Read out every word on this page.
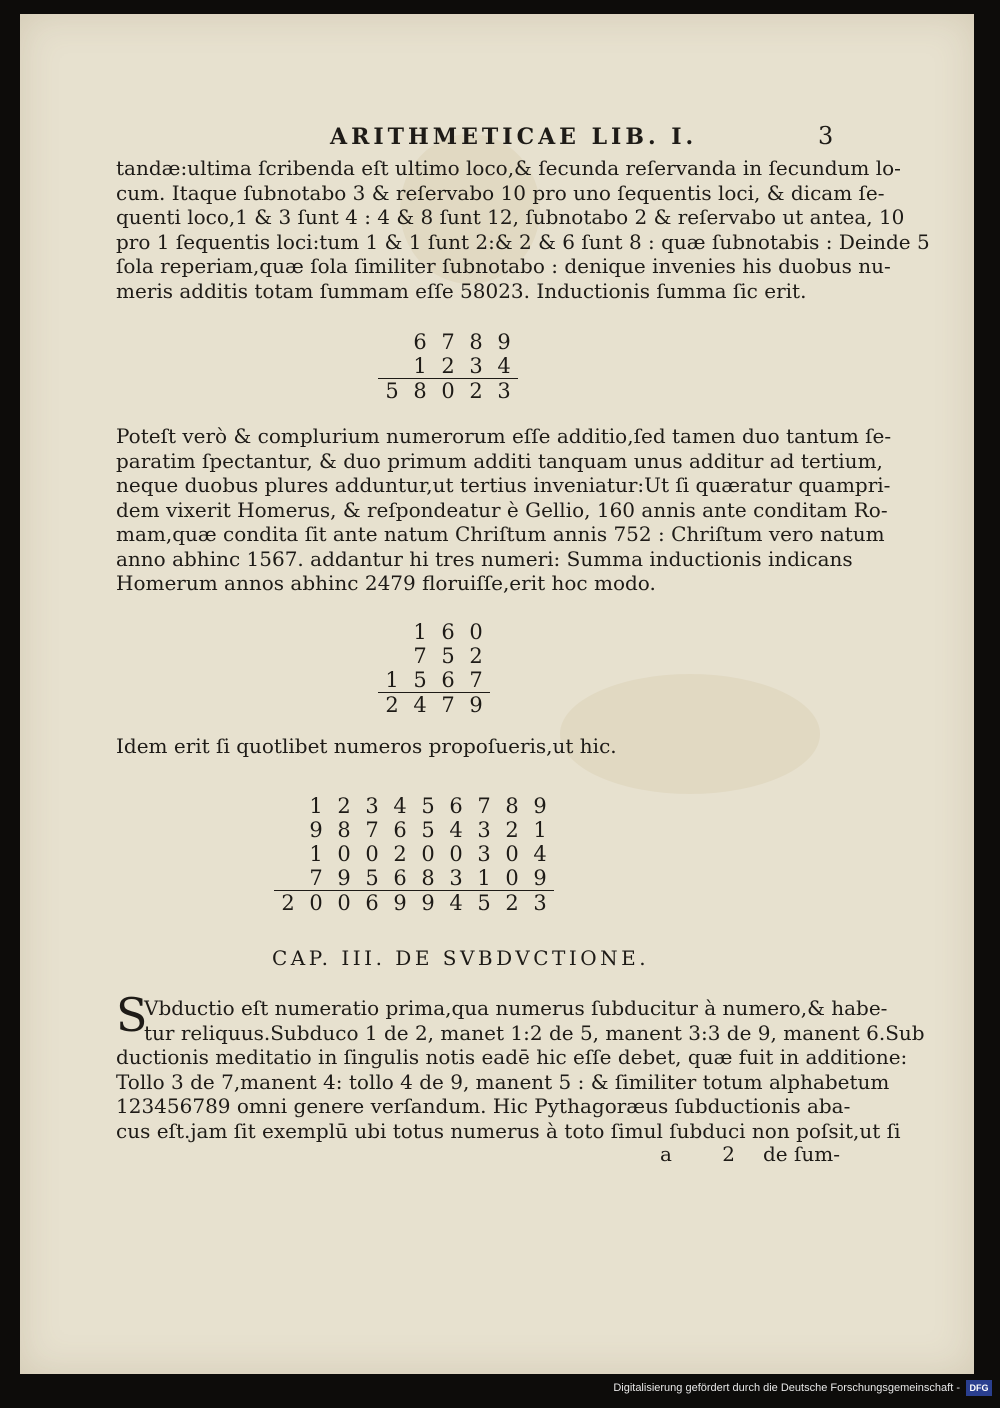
ARITHMETICAE LIB. I.	3
tandæ:ultima ſcribenda eſt ultimo loco,& ſecunda reſervanda in ſecundum lo-
cum. Itaque ſubnotabo 3 & reſervabo 10 pro uno ſequentis loci, & dicam ſe-
quenti loco,1 & 3 ſunt 4 : 4 & 8 ſunt 12, ſubnotabo 2 & reſervabo ut antea, 10
pro 1 ſequentis loci:tum 1 & 1 ſunt 2:& 2 & 6 ſunt 8 : quæ ſubnotabis : Deinde 5
ſola reperiam,quæ ſola ſimiliter ſubnotabo : denique invenies his duobus nu-
meris additis totam ſummam eſſe 58023. Inductionis ſumma ſic erit.
	6	7	8	9
	1	2	3	4
5	8	0	2	3
Poteſt verò & complurium numerorum eſſe additio,ſed tamen duo tantum ſe-
paratim ſpectantur, & duo primum additi tanquam unus additur ad tertium,
neque duobus plures adduntur,ut tertius inveniatur:Ut ſi quæratur quampri-
dem vixerit Homerus, & reſpondeatur è Gellio, 160 annis ante conditam Ro-
mam,quæ condita ſit ante natum Chriſtum annis 752 : Chriſtum vero natum
anno abhinc 1567. addantur hi tres numeri: Summa inductionis indicans
Homerum annos abhinc 2479 floruiſſe,erit hoc modo.
	1	6	0
	7	5	2
1	5	6	7
2	4	7	9
Idem erit ſi quotlibet numeros propoſueris,ut hic.
	1	2	3	4	5	6	7	8	9
	9	8	7	6	5	4	3	2	1
	1	0	0	2	0	0	3	0	4
	7	9	5	6	8	3	1	0	9
2	0	0	6	9	9	4	5	2	3
CAP. III. DE SVBDVCTIONE.
S
Vbductio eſt numeratio prima,qua numerus ſubducitur à numero,& habe-
tur reliquus.Subduco 1 de 2, manet 1:2 de 5, manent 3:3 de 9, manent 6.Sub
ductionis meditatio in ſingulis notis eadē hic eſſe debet, quæ fuit in additione:
Tollo 3 de 7,manent 4: tollo 4 de 9, manent 5 : & ſimiliter totum alphabetum
123456789 omni genere verſandum. Hic Pythagoræus ſubductionis aba-
cus eſt.jam ſit exemplū ubi totus numerus à toto ſimul ſubduci non poſsit,ut ſi
a 2 de ſum-
Digitalisierung gefördert durch die Deutsche Forschungsgemeinschaft -	DFG
